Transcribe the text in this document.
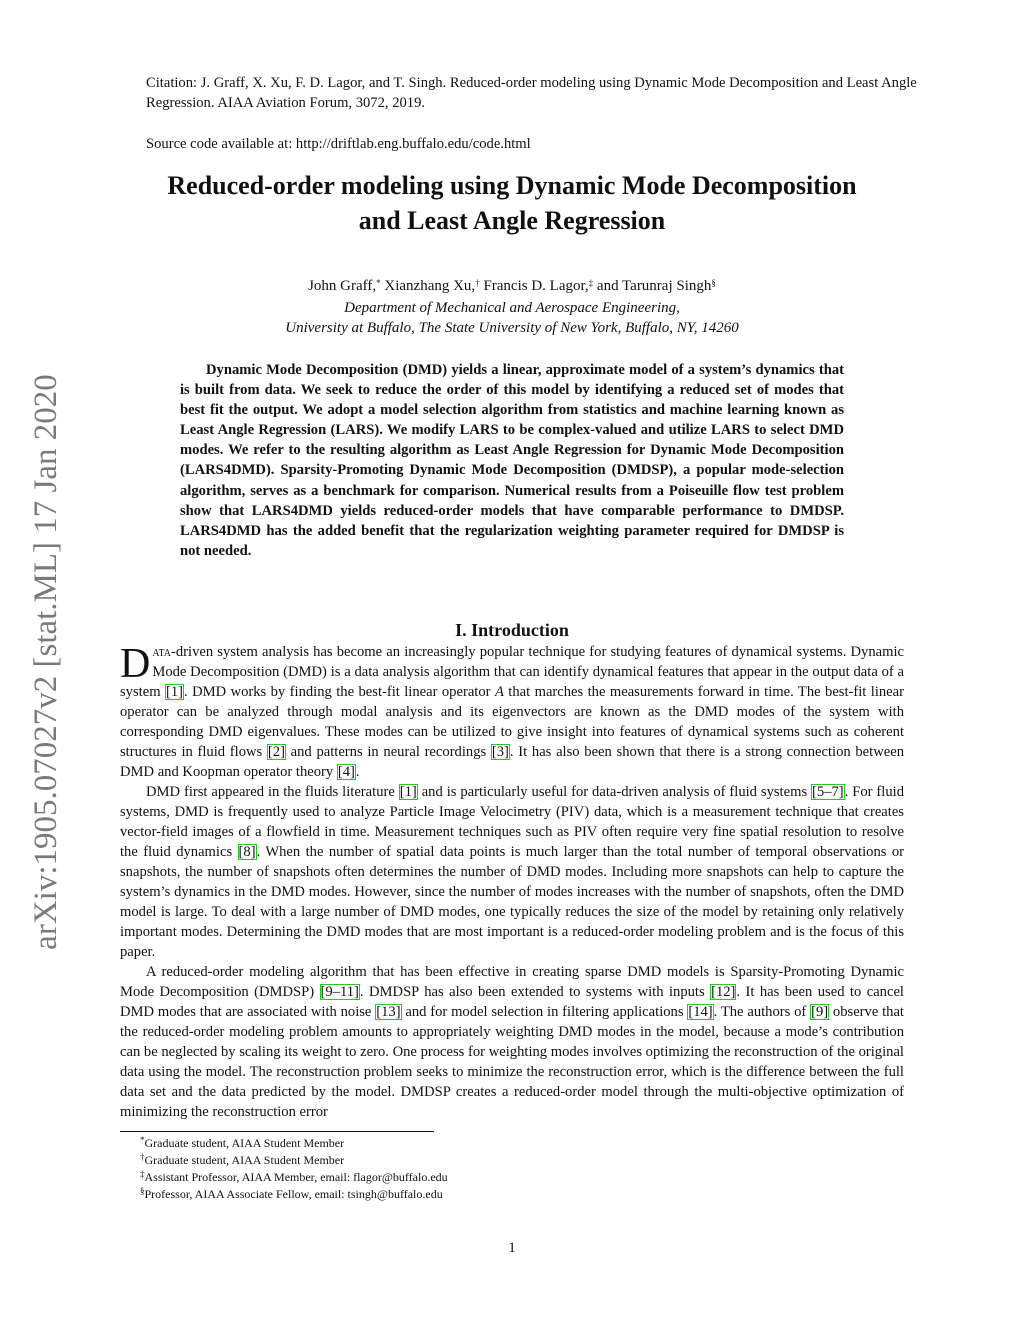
arXiv:1905.07027v2 [stat.ML] 17 Jan 2020
Citation: J. Graff, X. Xu, F. D. Lagor, and T. Singh. Reduced-order modeling using Dynamic Mode Decomposition and Least Angle Regression. AIAA Aviation Forum, 3072, 2019.
Source code available at: http://driftlab.eng.buffalo.edu/code.html
Reduced-order modeling using Dynamic Mode Decomposition
and Least Angle Regression
John Graff,* Xianzhang Xu,† Francis D. Lagor,‡ and Tarunraj Singh§
Department of Mechanical and Aerospace Engineering,
University at Buffalo, The State University of New York, Buffalo, NY, 14260
Dynamic Mode Decomposition (DMD) yields a linear, approximate model of a system’s dynamics that is built from data. We seek to reduce the order of this model by identifying a reduced set of modes that best fit the output. We adopt a model selection algorithm from statistics and machine learning known as Least Angle Regression (LARS). We modify LARS to be complex-valued and utilize LARS to select DMD modes. We refer to the resulting algorithm as Least Angle Regression for Dynamic Mode Decomposition (LARS4DMD). Sparsity-Promoting Dynamic Mode Decomposition (DMDSP), a popular mode-selection algorithm, serves as a benchmark for comparison. Numerical results from a Poiseuille flow test problem show that LARS4DMD yields reduced-order models that have comparable performance to DMDSP. LARS4DMD has the added benefit that the regularization weighting parameter required for DMDSP is not needed.
I. Introduction

Data-driven system analysis has become an increasingly popular technique for studying features of dynamical systems. Dynamic Mode Decomposition (DMD) is a data analysis algorithm that can identify dynamical features that appear in the output data of a system [1]. DMD works by finding the best-fit linear operator A that marches the measurements forward in time. The best-fit linear operator can be analyzed through modal analysis and its eigenvectors are known as the DMD modes of the system with corresponding DMD eigenvalues. These modes can be utilized to give insight into features of dynamical systems such as coherent structures in fluid flows [2] and patterns in neural recordings [3]. It has also been shown that there is a strong connection between DMD and Koopman operator theory [4].

DMD first appeared in the fluids literature [1] and is particularly useful for data-driven analysis of fluid systems [5–7]. For fluid systems, DMD is frequently used to analyze Particle Image Velocimetry (PIV) data, which is a measurement technique that creates vector-field images of a flowfield in time. Measurement techniques such as PIV often require very fine spatial resolution to resolve the fluid dynamics [8]. When the number of spatial data points is much larger than the total number of temporal observations or snapshots, the number of snapshots often determines the number of DMD modes. Including more snapshots can help to capture the system’s dynamics in the DMD modes. However, since the number of modes increases with the number of snapshots, often the DMD model is large. To deal with a large number of DMD modes, one typically reduces the size of the model by retaining only relatively important modes. Determining the DMD modes that are most important is a reduced-order modeling problem and is the focus of this paper.

A reduced-order modeling algorithm that has been effective in creating sparse DMD models is Sparsity-Promoting Dynamic Mode Decomposition (DMDSP) [9–11]. DMDSP has also been extended to systems with inputs [12]. It has been used to cancel DMD modes that are associated with noise [13] and for model selection in filtering applications [14]. The authors of [9] observe that the reduced-order modeling problem amounts to appropriately weighting DMD modes in the model, because a mode’s contribution can be neglected by scaling its weight to zero. One process for weighting modes involves optimizing the reconstruction of the original data using the model. The reconstruction problem seeks to minimize the reconstruction error, which is the difference between the full data set and the data predicted by the model. DMDSP creates a reduced-order model through the multi-objective optimization of minimizing the reconstruction error

*Graduate student, AIAA Student Member
†Graduate student, AIAA Student Member
‡Assistant Professor, AIAA Member, email: flagor@buffalo.edu
§Professor, AIAA Associate Fellow, email: tsingh@buffalo.edu
1
